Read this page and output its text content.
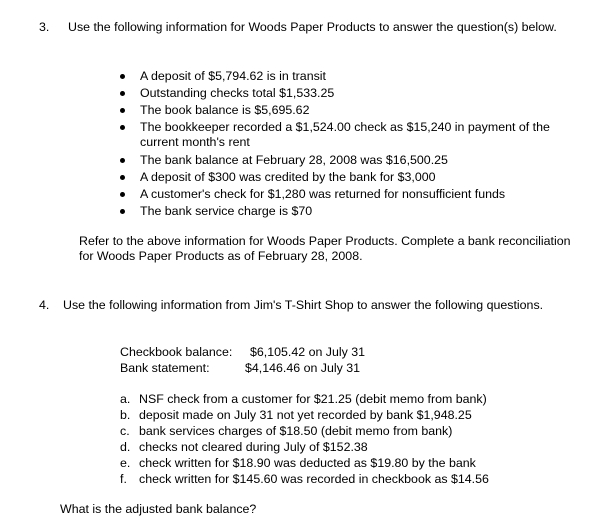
3. Use the following information for Woods Paper Products to answer the question(s) below.
A deposit of $5,794.62 is in transit
Outstanding checks total $1,533.25
The book balance is $5,695.62
The bookkeeper recorded a $1,524.00 check as $15,240 in payment of the current month's rent
The bank balance at February 28, 2008 was $16,500.25
A deposit of $300 was credited by the bank for $3,000
A customer's check for $1,280 was returned for nonsufficient funds
The bank service charge is $70
Refer to the above information for Woods Paper Products. Complete a bank reconciliation for Woods Paper Products as of February 28, 2008.
4. Use the following information from Jim's T-Shirt Shop to answer the following questions.
Checkbook balance: $6,105.42 on July 31
Bank statement:	$4,146.46 on July 31
a. NSF check from a customer for $21.25 (debit memo from bank)
b. deposit made on July 31 not yet recorded by bank $1,948.25
c. bank services charges of $18.50 (debit memo from bank)
d. checks not cleared during July of $152.38
e. check written for $18.90 was deducted as $19.80 by the bank
f. check written for $145.60 was recorded in checkbook as $14.56
What is the adjusted bank balance?
